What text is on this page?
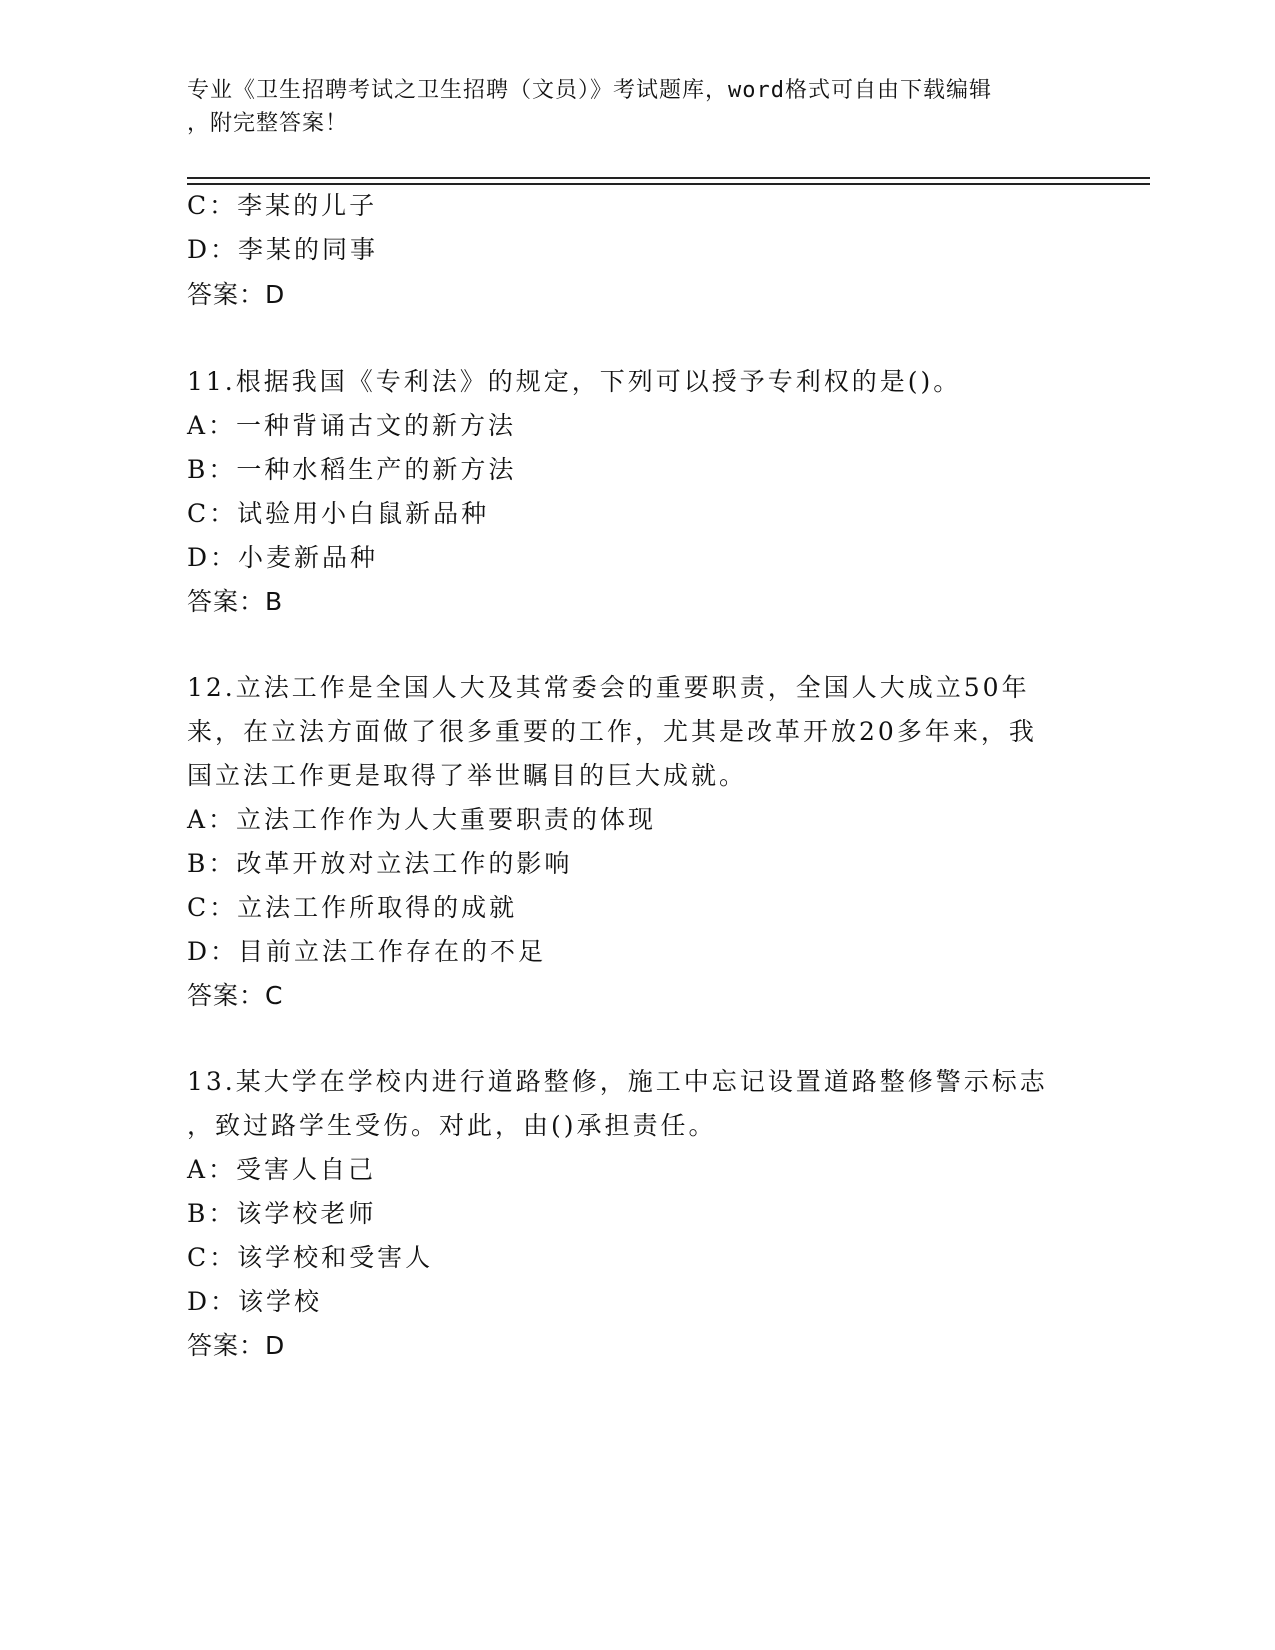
专业《卫生招聘考试之卫生招聘（文员）》考试题库，word格式可自由下载编辑
，附完整答案！
C：李某的儿子
D：李某的同事
答案：D
11.根据我国《专利法》的规定，下列可以授予专利权的是()。
A：一种背诵古文的新方法
B：一种水稻生产的新方法
C：试验用小白鼠新品种
D：小麦新品种
答案：B
12.立法工作是全国人大及其常委会的重要职责，全国人大成立50年
来，在立法方面做了很多重要的工作，尤其是改革开放20多年来，我
国立法工作更是取得了举世瞩目的巨大成就。
A：立法工作作为人大重要职责的体现
B：改革开放对立法工作的影响
C：立法工作所取得的成就
D：目前立法工作存在的不足
答案：C
13.某大学在学校内进行道路整修，施工中忘记设置道路整修警示标志
，致过路学生受伤。对此，由()承担责任。
A：受害人自己
B：该学校老师
C：该学校和受害人
D：该学校
答案：D
